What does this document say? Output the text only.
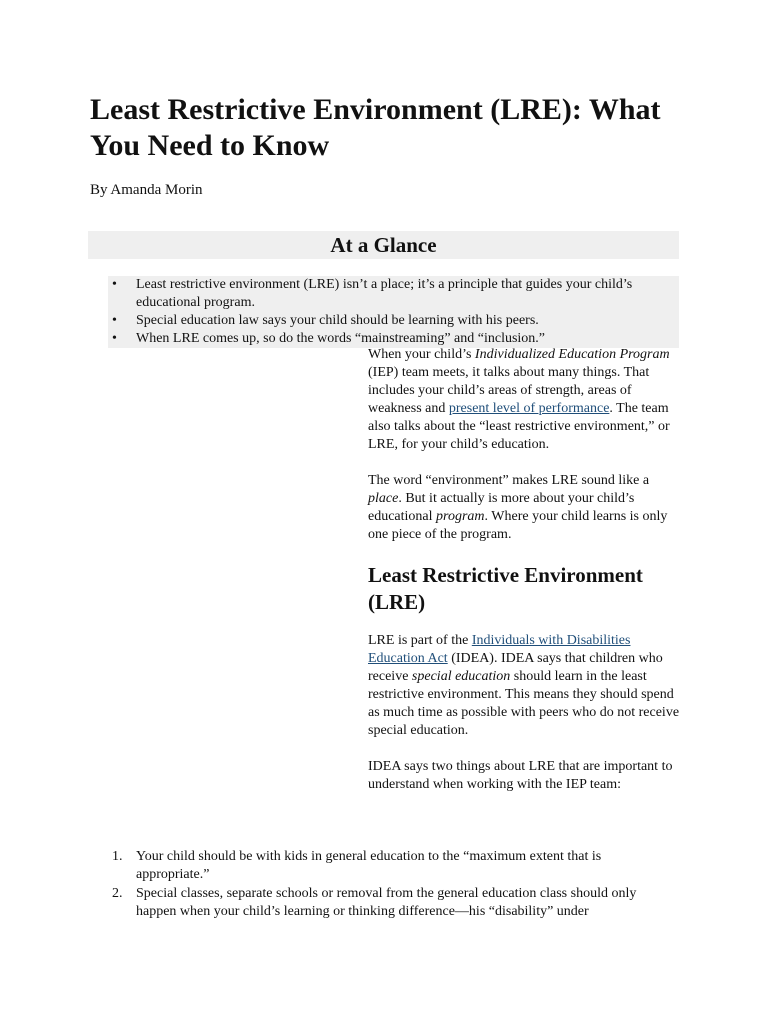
Least Restrictive Environment (LRE): What You Need to Know

By Amanda Morin

At a Glance
• Least restrictive environment (LRE) isn’t a place; it’s a principle that guides your child’s educational program.
• Special education law says your child should be learning with his peers.
• When LRE comes up, so do the words “mainstreaming” and “inclusion.”

When your child’s Individualized Education Program (IEP) team meets, it talks about many things. That includes your child’s areas of strength, areas of weakness and present level of performance. The team also talks about the “least restrictive environment,” or LRE, for your child’s education.

The word “environment” makes LRE sound like a place. But it actually is more about your child’s educational program. Where your child learns is only one piece of the program.

Least Restrictive Environment (LRE)

LRE is part of the Individuals with Disabilities Education Act (IDEA). IDEA says that children who receive special education should learn in the least restrictive environment. This means they should spend as much time as possible with peers who do not receive special education.

IDEA says two things about LRE that are important to understand when working with the IEP team:

1. Your child should be with kids in general education to the “maximum extent that is appropriate.”
2. Special classes, separate schools or removal from the general education class should only happen when your child’s learning or thinking difference—his “disability” under
